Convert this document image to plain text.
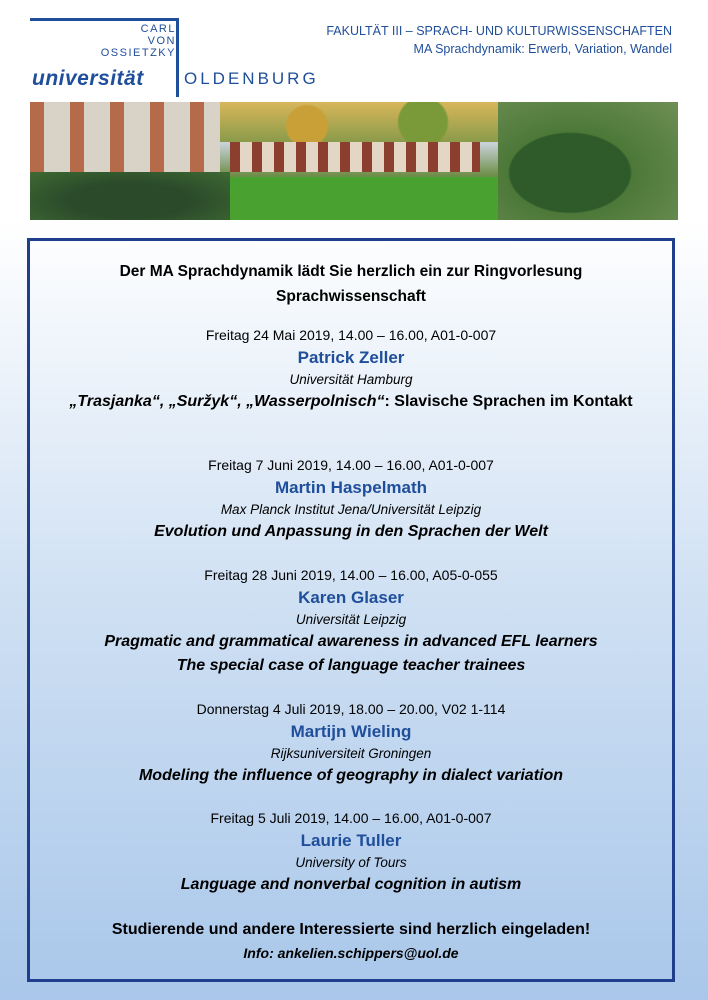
CARL
VON
OSSIETZKY
universität OLDENBURG
FAKULTÄT III – SPRACH- UND KULTURWISSENSCHAFTEN
MA Sprachdynamik: Erwerb, Variation, Wandel
Der MA Sprachdynamik lädt Sie herzlich ein zur Ringvorlesung
Sprachwissenschaft
Freitag 24 Mai 2019, 14.00 – 16.00, A01-0-007
Patrick Zeller
Universität Hamburg
„Trasjanka“, „Suržyk“, „Wasserpolnisch“: Slavische Sprachen im Kontakt
Freitag 7 Juni 2019, 14.00 – 16.00, A01-0-007
Martin Haspelmath
Max Planck Institut Jena/Universität Leipzig
Evolution und Anpassung in den Sprachen der Welt
Freitag 28 Juni 2019, 14.00 – 16.00, A05-0-055
Karen Glaser
Universität Leipzig
Pragmatic and grammatical awareness in advanced EFL learners
The special case of language teacher trainees
Donnerstag 4 Juli 2019, 18.00 – 20.00, V02 1-114
Martijn Wieling
Rijksuniversiteit Groningen
Modeling the influence of geography in dialect variation
Freitag 5 Juli 2019, 14.00 – 16.00, A01-0-007
Laurie Tuller
University of Tours
Language and nonverbal cognition in autism
Studierende und andere Interessierte sind herzlich eingeladen!
Info: ankelien.schippers@uol.de
